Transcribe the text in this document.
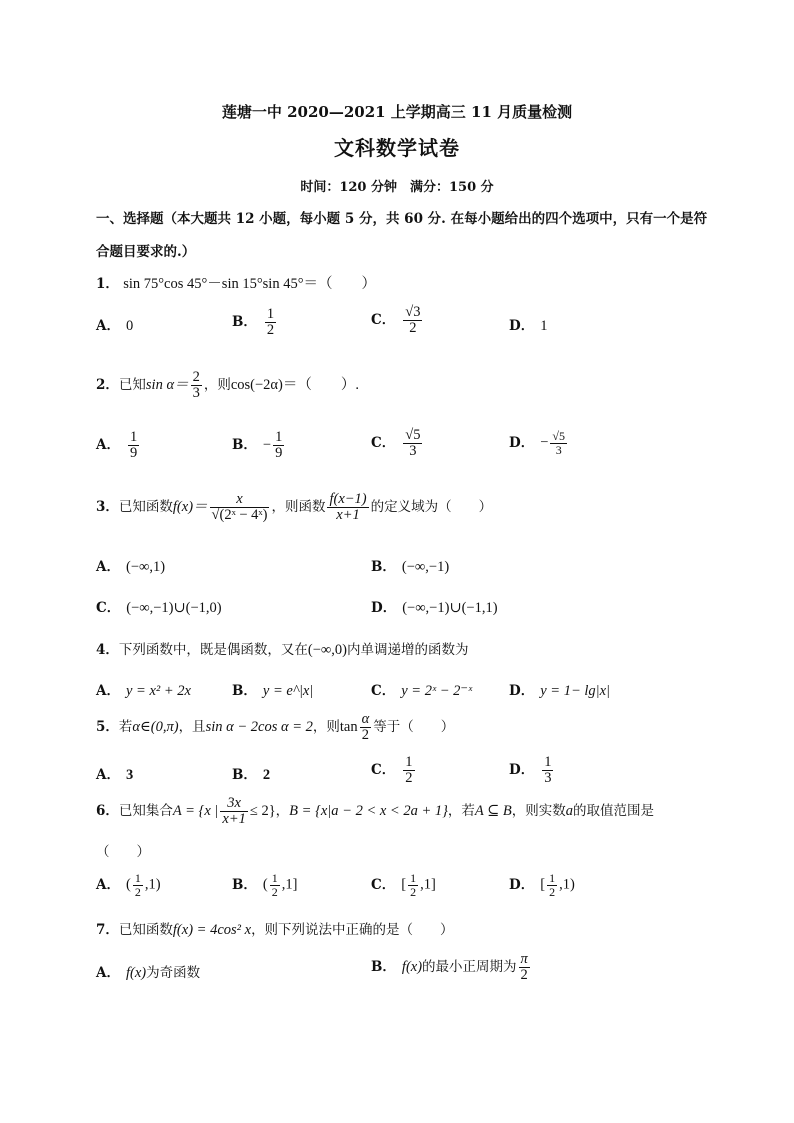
莲塘一中 2020—2021 上学期高三 11 月质量检测
文科数学试卷
时间：120 分钟　满分：150 分
一、选择题（本大题共 12 小题，每小题 5 分，共 60 分. 在每小题给出的四个选项中，只有一个是符
合题目要求的.）
1． sin 75°cos 45°－sin 15°sin 45°＝（　　）
A． 0	B． $\frac{1}{2}$	C． $\frac{√3}{2}$	D． 1
2．已知$\sin \alpha= \frac{2}{3}$ ，则cos(−2α)＝（　　）.
A． $\frac{1}{9}$	B． − $\frac{1}{9}$	C． $\frac{√5}{3}$	D． − $\frac{√5}{3}$
3．已知函数$f(x)= \frac{x}{\text{√(2ˣ − 4ˣ)}}$ ，则函数 $\frac{f(x-1)}{x+1}$ 的定义域为（　　）
A． (−∞,1)	B． (−∞,−1)
C． (−∞,−1)∪(−1,0)	D． (−∞,−1)∪(−1,1)
4．下列函数中，既是偶函数，又在(−∞,0)内单调递增的函数为
A． y = x² + 2x	B． y = e^|x|	C． y = 2ˣ − 2⁻ˣ	D． y = 1− lg|x|
5．若α∈(0,π)，且sin α − 2cos α = 2，则$\tan \frac{\alpha}{2}$ 等于（　　）
A． 3	B． 2	C． $\frac{1}{2}$	D． $\frac{1}{3}$
6．已知集合A = {x | $\frac{3x}{x+1} \le 2$}，B = {x|a − 2 < x < 2a + 1}，若A ⊆ B，则实数a的取值范围是
（　　）
A． ( $\frac{1}{2} ,1$)	B． ( $\frac{1}{2} ,1$]	C． [ $\frac{1}{2} ,1$]	D． [ $\frac{1}{2} ,1$)
7．已知函数f(x) = 4cos² x，则下列说法中正确的是（　　）
A． f(x)为奇函数	B． f(x)的最小正周期为 $\frac{\pi}{2}$
